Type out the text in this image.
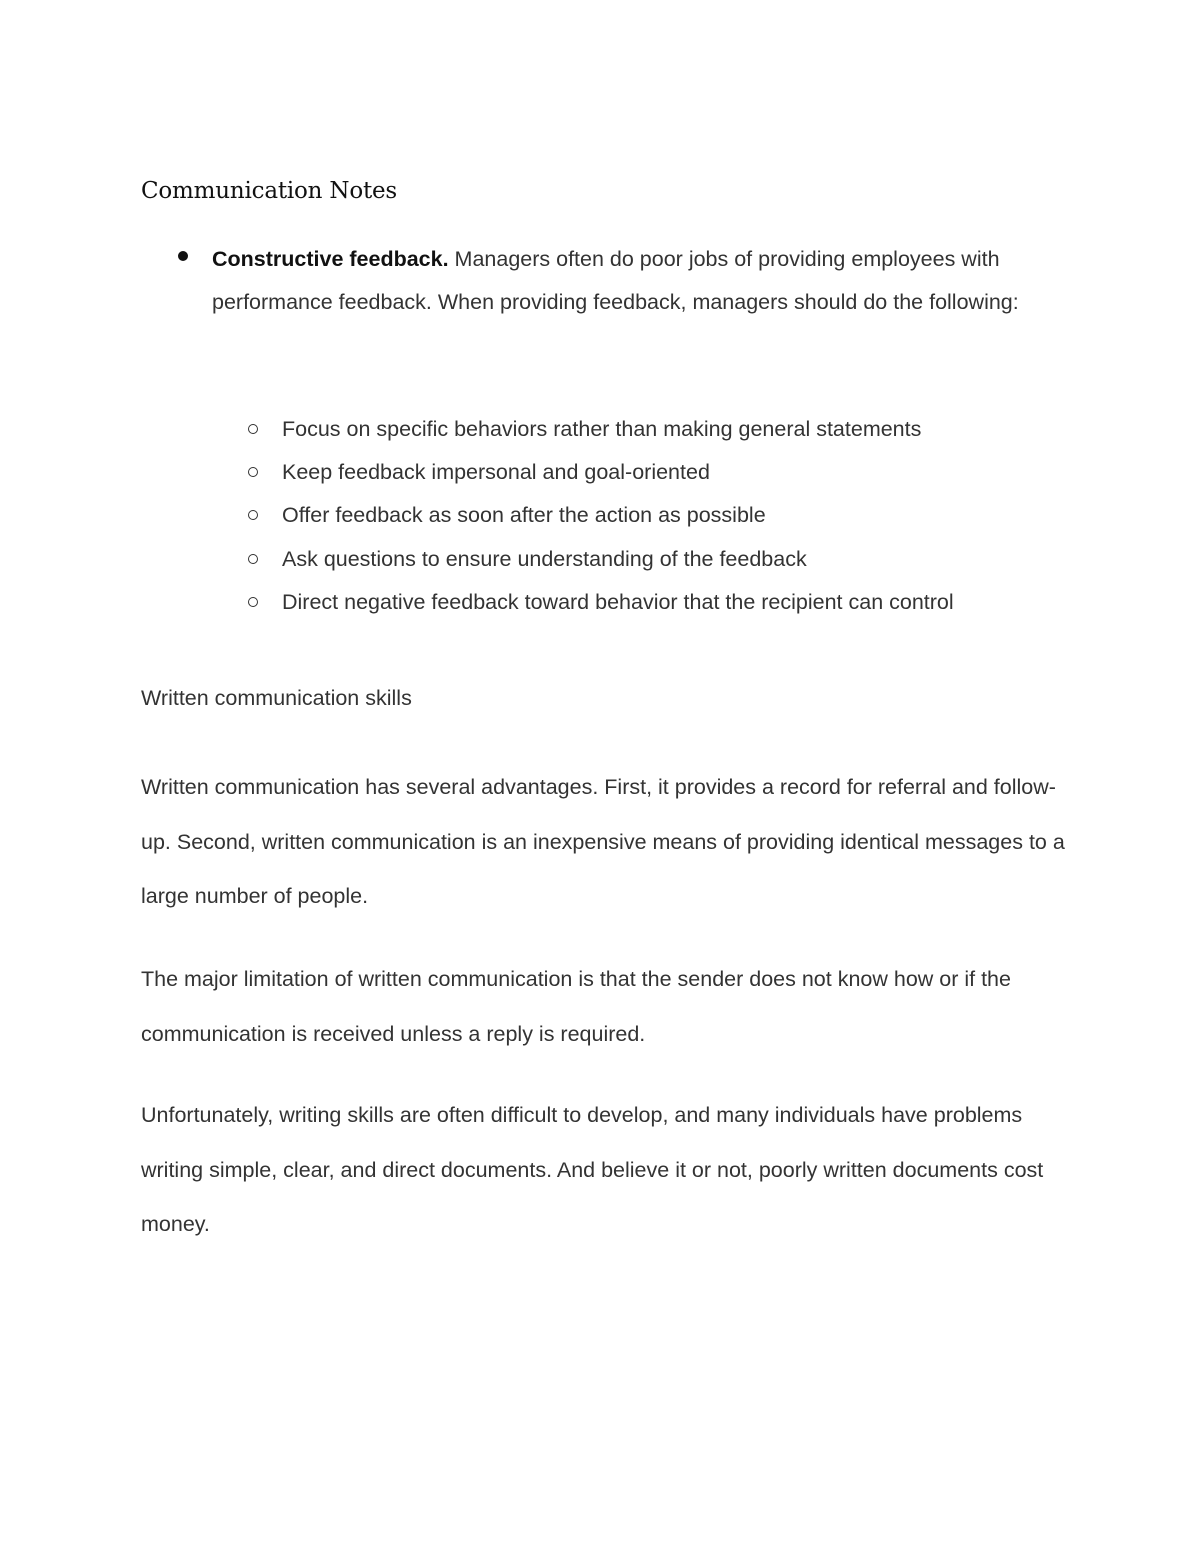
Communication Notes

Constructive feedback. Managers often do poor jobs of providing employees with performance feedback. When providing feedback, managers should do the following:

Focus on specific behaviors rather than making general statements
Keep feedback impersonal and goal-oriented
Offer feedback as soon after the action as possible
Ask questions to ensure understanding of the feedback
Direct negative feedback toward behavior that the recipient can control
Written communication skills

Written communication has several advantages. First, it provides a record for referral and follow-up. Second, written communication is an inexpensive means of providing identical messages to a large number of people.

The major limitation of written communication is that the sender does not know how or if the communication is received unless a reply is required.

Unfortunately, writing skills are often difficult to develop, and many individuals have problems writing simple, clear, and direct documents. And believe it or not, poorly written documents cost money.
